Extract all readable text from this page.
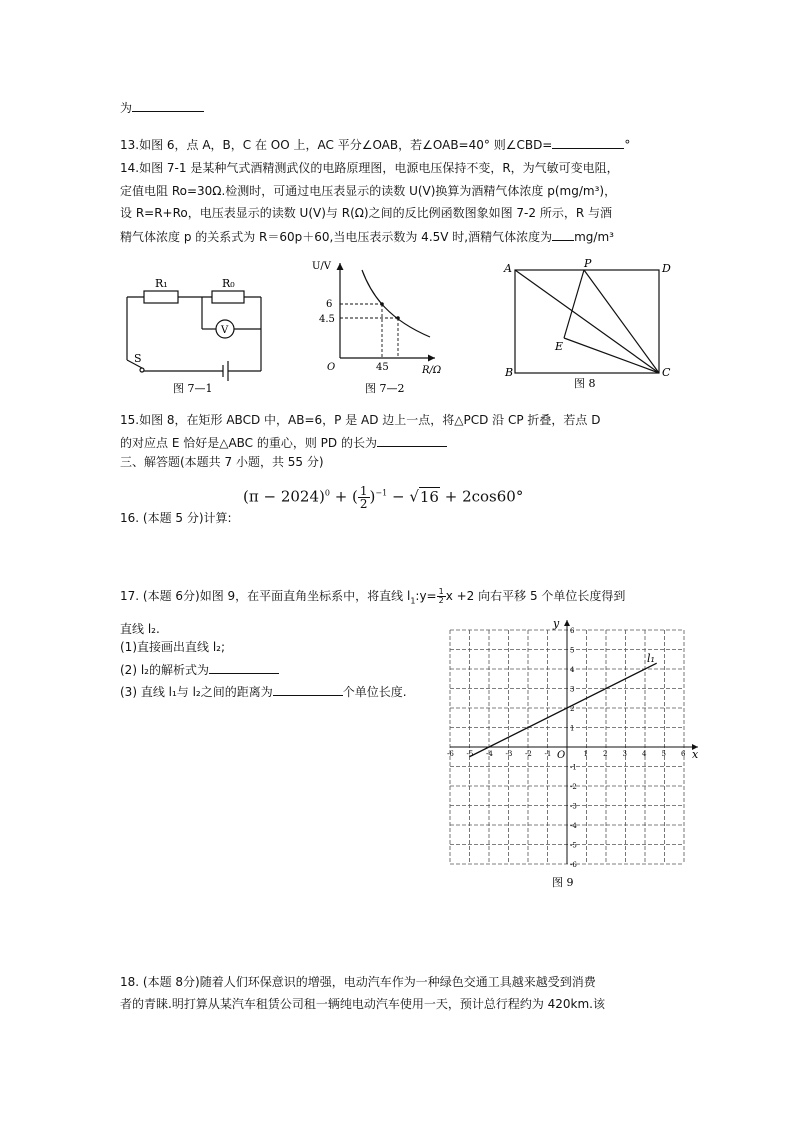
为
13.如图 6，点 A，B，C 在 OO 上，AC 平分∠OAB，若∠OAB=40° 则∠CBD=	°
14.如图 7-1 是某种气式酒精测武仪的电路原理图，电源电压保持不变，R，为气敏可变电阻，
定值电阻 Ro=30Ω.检测时，可通过电压表显示的读数 U(V)换算为酒精气体浓度 p(mg/m³)，
设 R=R+Ro，电压表显示的读数 U(V)与 R(Ω)之间的反比例函数图象如图 7-2 所示，R 与酒
精气体浓度 p 的关系式为 R＝60p＋60,当电压表示数为 4.5V 时,酒精气体浓度为 mg/m³
R₁	R₀
V
S
图 7—1
U/V
R/Ω
O
6
4.5
45
图 7—2
A	P	D
E
B	C
图 8
15.如图 8，在矩形 ABCD 中，AB=6，P 是 AD 边上一点，将△PCD 沿 CP 折叠，若点 D
的对应点 E 恰好是△ABC 的重心，则 PD 的长为
三、解答题(本题共 7 小题，共 55 分)
16. (本题 5 分)计算:
$(\pi - 2024)^0$ + ( $\frac{1}{2} )^{-1} - √16 + 2\cos 60^\circ$
17. (本题 6分)如图 9，在平面直角坐标系中，将直线 $l_1:y= \frac{1}{2}$ x +2 向右平移 5 个单位长度得到
直线 l₂.
(1)直接画出直线 l₂;
(2) l₂的解析式为
(3) 直线 l₁与 l₂之间的距离为	个单位长度.
-6 -5 -4 -3 -2 -1	1 2 3 4 5 6
6
5
4
3
2
1
-1
-2
-3
-4
-5
-6
x
y
O
l₁
图 9
18. (本题 8分)随着人们环保意识的增强，电动汽车作为一种绿色交通工具越来越受到消费
者的青睐.明打算从某汽车租赁公司租一辆纯电动汽车使用一天，预计总行程约为 420km.该
